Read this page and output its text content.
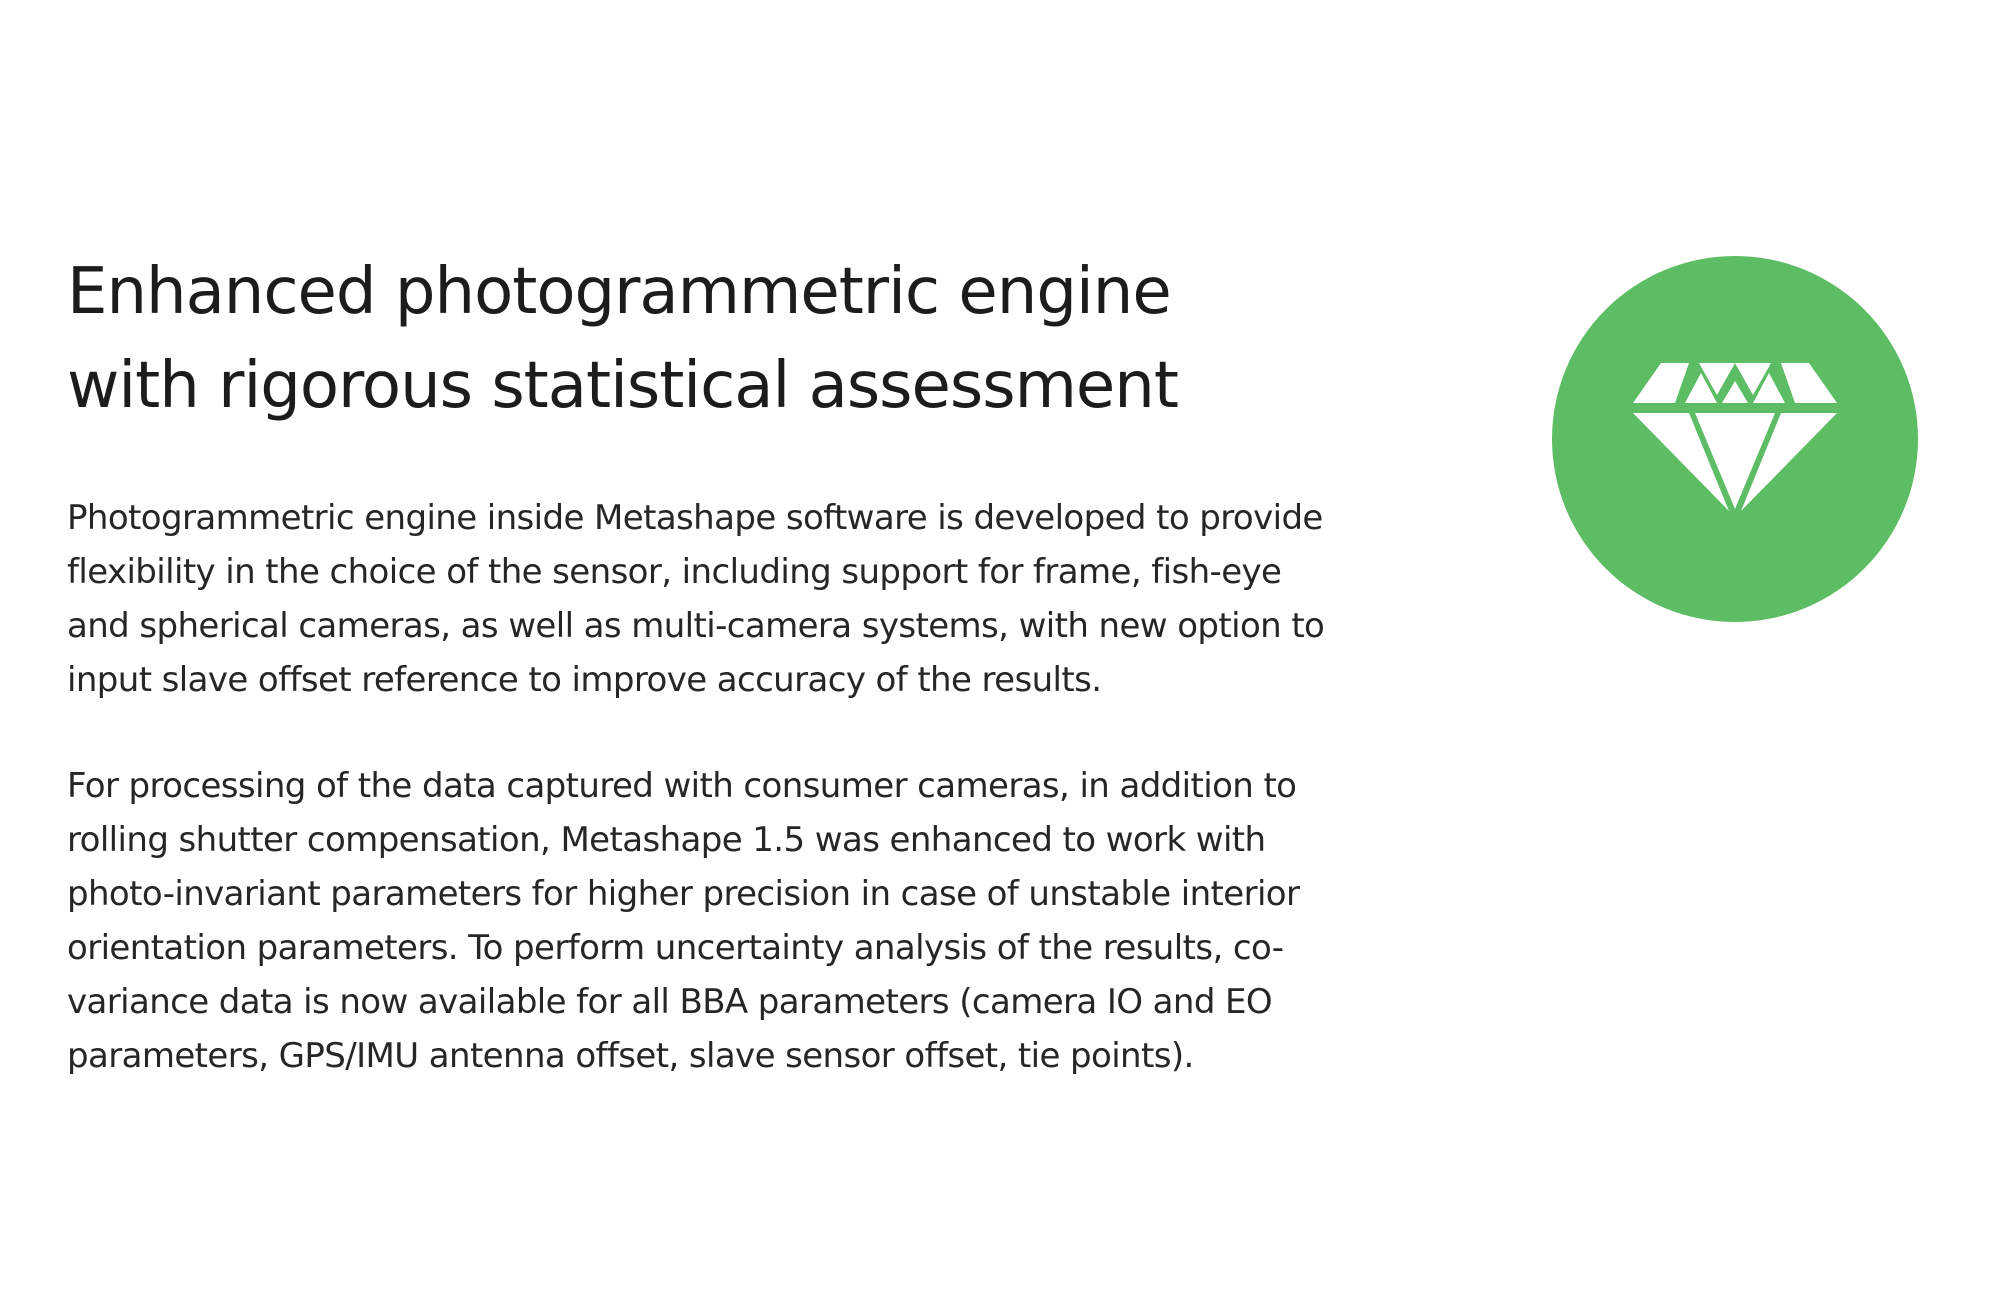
Enhanced photogrammetric engine
with rigorous statistical assessment

Photogrammetric engine inside Metashape software is developed to provide
flexibility in the choice of the sensor, including support for frame, fish-eye
and spherical cameras, as well as multi-camera systems, with new option to
input slave offset reference to improve accuracy of the results.

For processing of the data captured with consumer cameras, in addition to
rolling shutter compensation, Metashape 1.5 was enhanced to work with
photo-invariant parameters for higher precision in case of unstable interior
orientation parameters. To perform uncertainty analysis of the results, co-
variance data is now available for all BBA parameters (camera IO and EO
parameters, GPS/IMU antenna offset, slave sensor offset, tie points).
